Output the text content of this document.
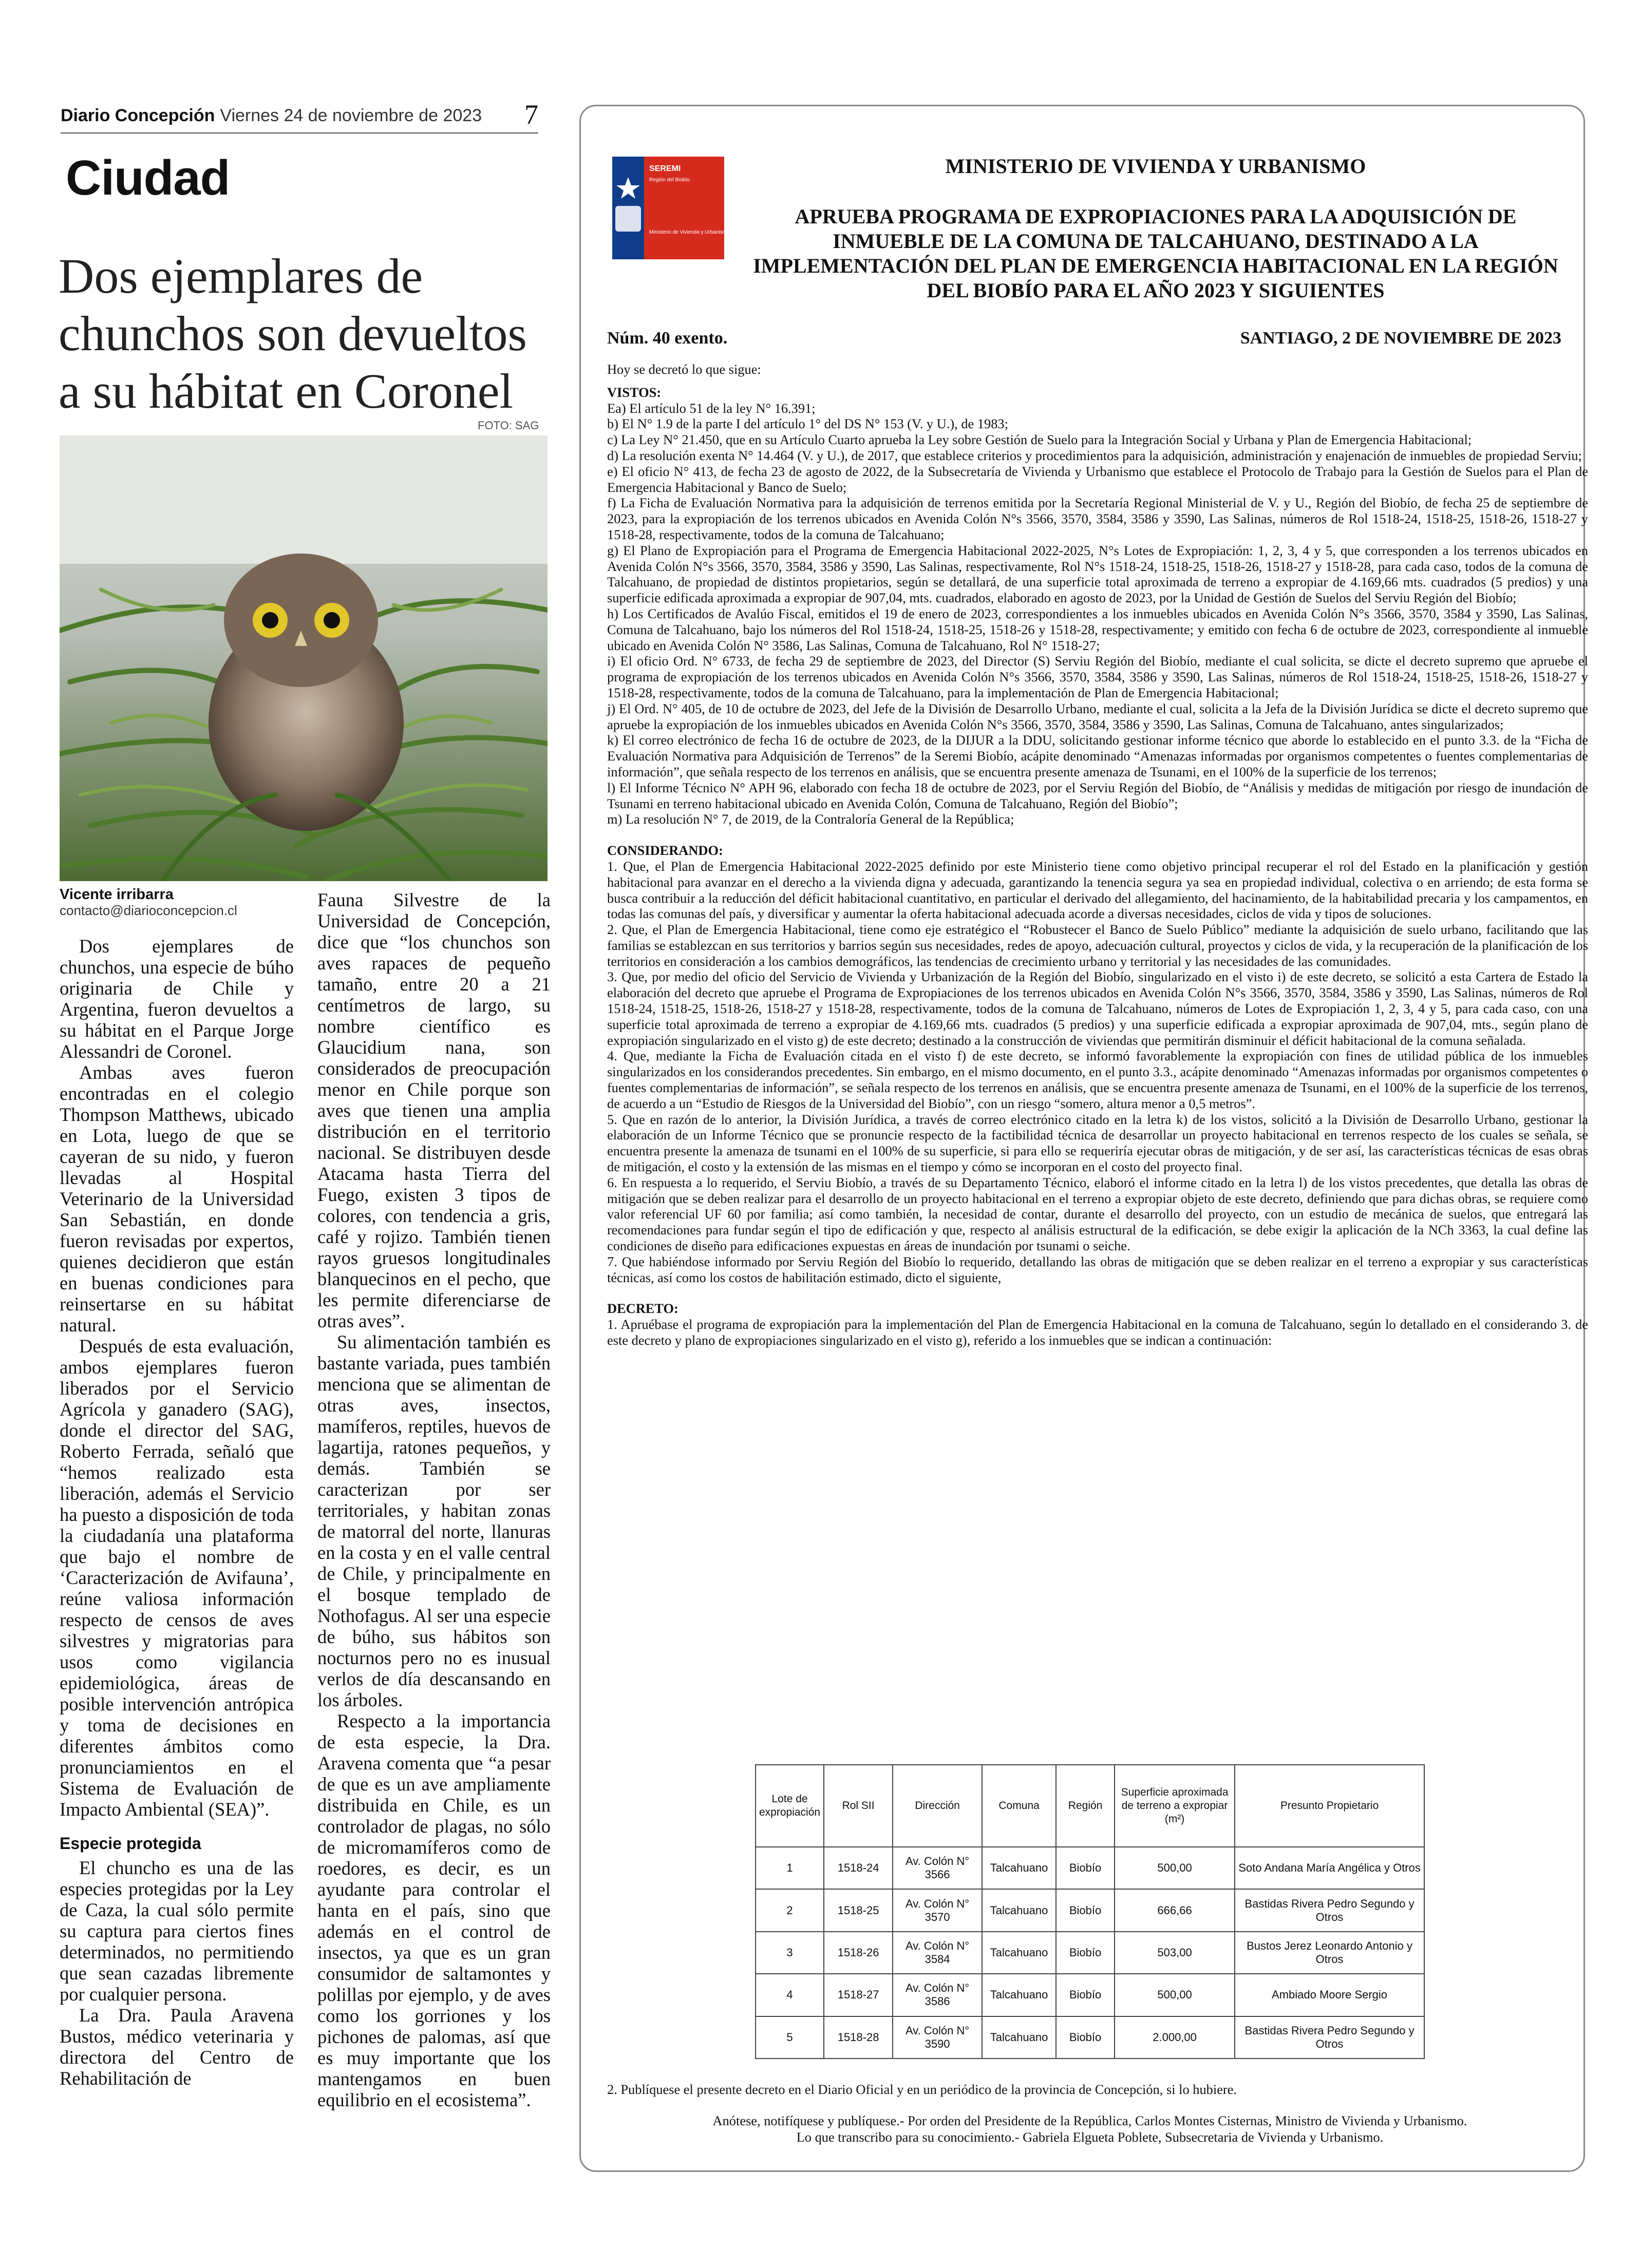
Diario Concepción Viernes 24 de noviembre de 2023 7
Ciudad
Dos ejemplares de chunchos son devueltos a su hábitat en Coronel
FOTO: SAG
Vicente irribarra
contacto@diarioconcepcion.cl

Dos ejemplares de chunchos, una especie de búho originaria de Chile y Argentina, fueron devueltos a su hábitat en el Parque Jorge Alessandri de Coronel.

Ambas aves fueron encontradas en el colegio Thompson Matthews, ubicado en Lota, luego de que se cayeran de su nido, y fueron llevadas al Hospital Veterinario de la Universidad San Sebastián, en donde fueron revisadas por expertos, quienes decidieron que están en buenas condiciones para reinsertarse en su hábitat natural.

Después de esta evaluación, ambos ejemplares fueron liberados por el Servicio Agrícola y ganadero (SAG), donde el director del SAG, Roberto Ferrada, señaló que “hemos realizado esta liberación, además el Servicio ha puesto a disposición de toda la ciudadanía una plataforma que bajo el nombre de ‘Caracterización de Avifauna’, reúne valiosa información respecto de censos de aves silvestres y migratorias para usos como vigilancia epidemiológica, áreas de posible intervención antrópica y toma de decisiones en diferentes ámbitos como pronunciamientos en el Sistema de Evaluación de Impacto Ambiental (SEA)”.

Especie protegida

El chuncho es una de las especies protegidas por la Ley de Caza, la cual sólo permite su captura para ciertos fines determinados, no permitiendo que sean cazadas libremente por cualquier persona.

La Dra. Paula Aravena Bustos, médico veterinaria y directora del Centro de Rehabilitación de

Fauna Silvestre de la Universidad de Concepción, dice que “los chunchos son aves rapaces de pequeño tamaño, entre 20 a 21 centímetros de largo, su nombre científico es Glaucidium nana, son considerados de preocupación menor en Chile porque son aves que tienen una amplia distribución en el territorio nacional. Se distribuyen desde Atacama hasta Tierra del Fuego, existen 3 tipos de colores, con tendencia a gris, café y rojizo. También tienen rayos gruesos longitudinales blanquecinos en el pecho, que les permite diferenciarse de otras aves”.

Su alimentación también es bastante variada, pues también menciona que se alimentan de otras aves, insectos, mamíferos, reptiles, huevos de lagartija, ratones pequeños, y demás. También se caracterizan por ser territoriales, y habitan zonas de matorral del norte, llanuras en la costa y en el valle central de Chile, y principalmente en el bosque templado de Nothofagus. Al ser una especie de búho, sus hábitos son nocturnos pero no es inusual verlos de día descansando en los árboles.

Respecto a la importancia de esta especie, la Dra. Aravena comenta que “a pesar de que es un ave ampliamente distribuida en Chile, es un controlador de plagas, no sólo de micromamíferos como de roedores, es decir, es un ayudante para controlar el hanta en el país, sino que además en el control de insectos, ya que es un gran consumidor de saltamontes y polillas por ejemplo, y de aves como los gorriones y los pichones de palomas, así que es muy importante que los mantengamos en buen equilibrio en el ecosistema”.

SEREMI
Región del Biobío
Ministerio de Vivienda y Urbanismo
MINISTERIO DE VIVIENDA Y URBANISMO
APRUEBA PROGRAMA DE EXPROPIACIONES PARA LA ADQUISICIÓN DE INMUEBLE DE LA COMUNA DE TALCAHUANO, DESTINADO A LA IMPLEMENTACIÓN DEL PLAN DE EMERGENCIA HABITACIONAL EN LA REGIÓN DEL BIOBÍO PARA EL AÑO 2023 Y SIGUIENTES
Núm. 40 exento.	SANTIAGO, 2 DE NOVIEMBRE DE 2023

Hoy se decretó lo que sigue:

VISTOS:

Ea) El artículo 51 de la ley N° 16.391;

b) El N° 1.9 de la parte I del artículo 1° del DS N° 153 (V. y U.), de 1983;

c) La Ley N° 21.450, que en su Artículo Cuarto aprueba la Ley sobre Gestión de Suelo para la Integración Social y Urbana y Plan de Emergencia Habitacional;

d) La resolución exenta N° 14.464 (V. y U.), de 2017, que establece criterios y procedimientos para la adquisición, administración y enajenación de inmuebles de propiedad Serviu;

e) El oficio N° 413, de fecha 23 de agosto de 2022, de la Subsecretaría de Vivienda y Urbanismo que establece el Protocolo de Trabajo para la Gestión de Suelos para el Plan de Emergencia Habitacional y Banco de Suelo;

f) La Ficha de Evaluación Normativa para la adquisición de terrenos emitida por la Secretaría Regional Ministerial de V. y U., Región del Biobío, de fecha 25 de septiembre de 2023, para la expropiación de los terrenos ubicados en Avenida Colón N°s 3566, 3570, 3584, 3586 y 3590, Las Salinas, números de Rol 1518-24, 1518-25, 1518-26, 1518-27 y 1518-28, respectivamente, todos de la comuna de Talcahuano;

g) El Plano de Expropiación para el Programa de Emergencia Habitacional 2022-2025, N°s Lotes de Expropiación: 1, 2, 3, 4 y 5, que corresponden a los terrenos ubicados en Avenida Colón N°s 3566, 3570, 3584, 3586 y 3590, Las Salinas, respectivamente, Rol N°s 1518-24, 1518-25, 1518-26, 1518-27 y 1518-28, para cada caso, todos de la comuna de Talcahuano, de propiedad de distintos propietarios, según se detallará, de una superficie total aproximada de terreno a expropiar de 4.169,66 mts. cuadrados (5 predios) y una superficie edificada aproximada a expropiar de 907,04, mts. cuadrados, elaborado en agosto de 2023, por la Unidad de Gestión de Suelos del Serviu Región del Biobío;

h) Los Certificados de Avalúo Fiscal, emitidos el 19 de enero de 2023, correspondientes a los inmuebles ubicados en Avenida Colón N°s 3566, 3570, 3584 y 3590, Las Salinas, Comuna de Talcahuano, bajo los números del Rol 1518-24, 1518-25, 1518-26 y 1518-28, respectivamente; y emitido con fecha 6 de octubre de 2023, correspondiente al inmueble ubicado en Avenida Colón N° 3586, Las Salinas, Comuna de Talcahuano, Rol N° 1518-27;

i) El oficio Ord. N° 6733, de fecha 29 de septiembre de 2023, del Director (S) Serviu Región del Biobío, mediante el cual solicita, se dicte el decreto supremo que apruebe el programa de expropiación de los terrenos ubicados en Avenida Colón N°s 3566, 3570, 3584, 3586 y 3590, Las Salinas, números de Rol 1518-24, 1518-25, 1518-26, 1518-27 y 1518-28, respectivamente, todos de la comuna de Talcahuano, para la implementación de Plan de Emergencia Habitacional;

j) El Ord. N° 405, de 10 de octubre de 2023, del Jefe de la División de Desarrollo Urbano, mediante el cual, solicita a la Jefa de la División Jurídica se dicte el decreto supremo que apruebe la expropiación de los inmuebles ubicados en Avenida Colón N°s 3566, 3570, 3584, 3586 y 3590, Las Salinas, Comuna de Talcahuano, antes singularizados;

k) El correo electrónico de fecha 16 de octubre de 2023, de la DIJUR a la DDU, solicitando gestionar informe técnico que aborde lo establecido en el punto 3.3. de la “Ficha de Evaluación Normativa para Adquisición de Terrenos” de la Seremi Biobío, acápite denominado “Amenazas informadas por organismos competentes o fuentes complementarias de información”, que señala respecto de los terrenos en análisis, que se encuentra presente amenaza de Tsunami, en el 100% de la superficie de los terrenos;

l) El Informe Técnico N° APH 96, elaborado con fecha 18 de octubre de 2023, por el Serviu Región del Biobío, de “Análisis y medidas de mitigación por riesgo de inundación de Tsunami en terreno habitacional ubicado en Avenida Colón, Comuna de Talcahuano, Región del Biobío”;

m) La resolución N° 7, de 2019, de la Contraloría General de la República;

CONSIDERANDO:

1. Que, el Plan de Emergencia Habitacional 2022-2025 definido por este Ministerio tiene como objetivo principal recuperar el rol del Estado en la planificación y gestión habitacional para avanzar en el derecho a la vivienda digna y adecuada, garantizando la tenencia segura ya sea en propiedad individual, colectiva o en arriendo; de esta forma se busca contribuir a la reducción del déficit habitacional cuantitativo, en particular el derivado del allegamiento, del hacinamiento, de la habitabilidad precaria y los campamentos, en todas las comunas del país, y diversificar y aumentar la oferta habitacional adecuada acorde a diversas necesidades, ciclos de vida y tipos de soluciones.

2. Que, el Plan de Emergencia Habitacional, tiene como eje estratégico el “Robustecer el Banco de Suelo Público” mediante la adquisición de suelo urbano, facilitando que las familias se establezcan en sus territorios y barrios según sus necesidades, redes de apoyo, adecuación cultural, proyectos y ciclos de vida, y la recuperación de la planificación de los territorios en consideración a los cambios demográficos, las tendencias de crecimiento urbano y territorial y las necesidades de las comunidades.

3. Que, por medio del oficio del Servicio de Vivienda y Urbanización de la Región del Biobío, singularizado en el visto i) de este decreto, se solicitó a esta Cartera de Estado la elaboración del decreto que apruebe el Programa de Expropiaciones de los terrenos ubicados en Avenida Colón N°s 3566, 3570, 3584, 3586 y 3590, Las Salinas, números de Rol 1518-24, 1518-25, 1518-26, 1518-27 y 1518-28, respectivamente, todos de la comuna de Talcahuano, números de Lotes de Expropiación 1, 2, 3, 4 y 5, para cada caso, con una superficie total aproximada de terreno a expropiar de 4.169,66 mts. cuadrados (5 predios) y una superficie edificada a expropiar aproximada de 907,04, mts., según plano de expropiación singularizado en el visto g) de este decreto; destinado a la construcción de viviendas que permitirán disminuir el déficit habitacional de la comuna señalada.

4. Que, mediante la Ficha de Evaluación citada en el visto f) de este decreto, se informó favorablemente la expropiación con fines de utilidad pública de los inmuebles singularizados en los considerandos precedentes. Sin embargo, en el mismo documento, en el punto 3.3., acápite denominado “Amenazas informadas por organismos competentes o fuentes complementarias de información”, se señala respecto de los terrenos en análisis, que se encuentra presente amenaza de Tsunami, en el 100% de la superficie de los terrenos, de acuerdo a un “Estudio de Riesgos de la Universidad del Biobío”, con un riesgo “somero, altura menor a 0,5 metros”.

5. Que en razón de lo anterior, la División Jurídica, a través de correo electrónico citado en la letra k) de los vistos, solicitó a la División de Desarrollo Urbano, gestionar la elaboración de un Informe Técnico que se pronuncie respecto de la factibilidad técnica de desarrollar un proyecto habitacional en terrenos respecto de los cuales se señala, se encuentra presente la amenaza de tsunami en el 100% de su superficie, si para ello se requeriría ejecutar obras de mitigación, y de ser así, las características técnicas de esas obras de mitigación, el costo y la extensión de las mismas en el tiempo y cómo se incorporan en el costo del proyecto final.

6. En respuesta a lo requerido, el Serviu Biobío, a través de su Departamento Técnico, elaboró el informe citado en la letra l) de los vistos precedentes, que detalla las obras de mitigación que se deben realizar para el desarrollo de un proyecto habitacional en el terreno a expropiar objeto de este decreto, definiendo que para dichas obras, se requiere como valor referencial UF 60 por familia; así como también, la necesidad de contar, durante el desarrollo del proyecto, con un estudio de mecánica de suelos, que entregará las recomendaciones para fundar según el tipo de edificación y que, respecto al análisis estructural de la edificación, se debe exigir la aplicación de la NCh 3363, la cual define las condiciones de diseño para edificaciones expuestas en áreas de inundación por tsunami o seiche.

7. Que habiéndose informado por Serviu Región del Biobío lo requerido, detallando las obras de mitigación que se deben realizar en el terreno a expropiar y sus características técnicas, así como los costos de habilitación estimado, dicto el siguiente,

DECRETO:

1. Apruébase el programa de expropiación para la implementación del Plan de Emergencia Habitacional en la comuna de Talcahuano, según lo detallado en el considerando 3. de este decreto y plano de expropiaciones singularizado en el visto g), referido a los inmuebles que se indican a continuación:

Lote de expropiación	Rol SII	Dirección	Comuna	Región	Superficie aproximada de terreno a expropiar (m²)	Presunto Propietario
1	1518-24	Av. Colón N° 3566	Talcahuano	Biobío	500,00	Soto Andana María Angélica y Otros
2	1518-25	Av. Colón N° 3570	Talcahuano	Biobío	666,66	Bastidas Rivera Pedro Segundo y Otros
3	1518-26	Av. Colón N° 3584	Talcahuano	Biobío	503,00	Bustos Jerez Leonardo Antonio y Otros
4	1518-27	Av. Colón N° 3586	Talcahuano	Biobío	500,00	Ambiado Moore Sergio
5	1518-28	Av. Colón N° 3590	Talcahuano	Biobío	2.000,00	Bastidas Rivera Pedro Segundo y Otros
2. Publíquese el presente decreto en el Diario Oficial y en un periódico de la provincia de Concepción, si lo hubiere.
Anótese, notifíquese y publíquese.- Por orden del Presidente de la República, Carlos Montes Cisternas, Ministro de Vivienda y Urbanismo.
Lo que transcribo para su conocimiento.- Gabriela Elgueta Poblete, Subsecretaria de Vivienda y Urbanismo.
